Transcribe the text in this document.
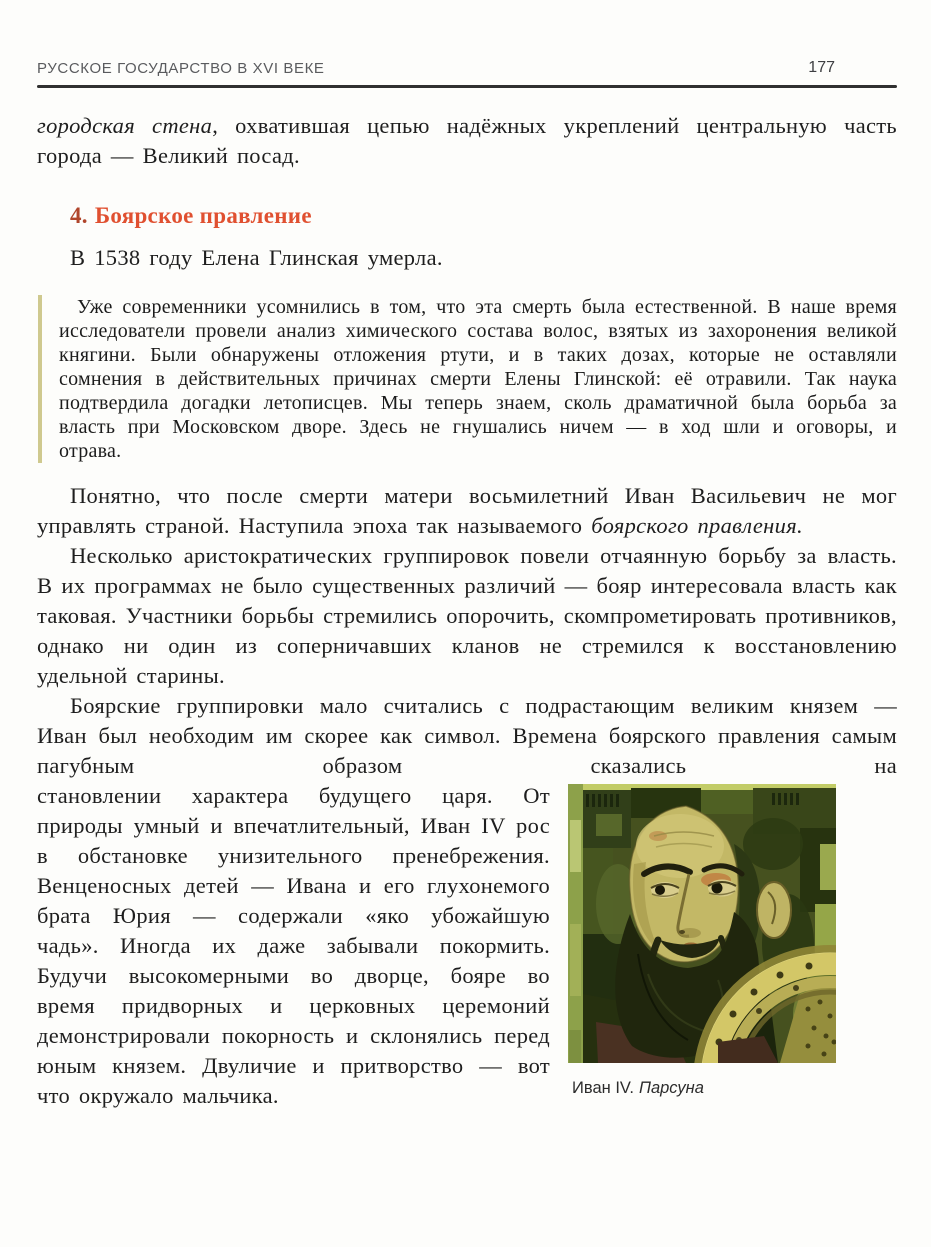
РУССКОЕ ГОСУДАРСТВО В XVI ВЕКЕ	177

городская стена, охватившая цепью надёжных укреплений центральную часть города — Великий посад.

4. Боярское правление

В 1538 году Елена Глинская умерла.

Уже современники усомнились в том, что эта смерть была естественной. В наше время исследователи провели анализ химического состава волос, взятых из захоронения великой княгини. Были обнаружены отложения ртути, и в таких дозах, которые не оставляли сомнения в действительных причинах смерти Елены Глинской: её отравили. Так наука подтвердила догадки летописцев. Мы теперь знаем, сколь драматичной была борьба за власть при Московском дворе. Здесь не гнушались ничем — в ход шли и оговоры, и отрава.

Понятно, что после смерти матери восьмилетний Иван Васильевич не мог управлять страной. Наступила эпоха так называемого боярского правления.

Несколько аристократических группировок повели отчаянную борьбу за власть. В их программах не было существенных различий — бояр интересовала власть как таковая. Участники борьбы стремились опорочить, скомпрометировать противников, однако ни один из соперничавших кланов не стремился к восстановлению удельной старины.

Боярские группировки мало считались с подрастающим великим князем — Иван был необходим им скорее как символ. Времена боярского правления самым пагубным образом сказались на

Иван IV. Парсуна

становлении характера будущего царя. От природы умный и впечатлительный, Иван IV рос в обстановке унизительного пренебрежения. Венценосных детей — Ивана и его глухонемого брата Юрия — содержали «яко убожайшую чадь». Иногда их даже забывали покормить. Будучи высокомерными во дворце, бояре во время придворных и церковных церемоний демонстрировали покорность и склонялись перед юным князем. Двуличие и притворство — вот что окружало мальчика.
